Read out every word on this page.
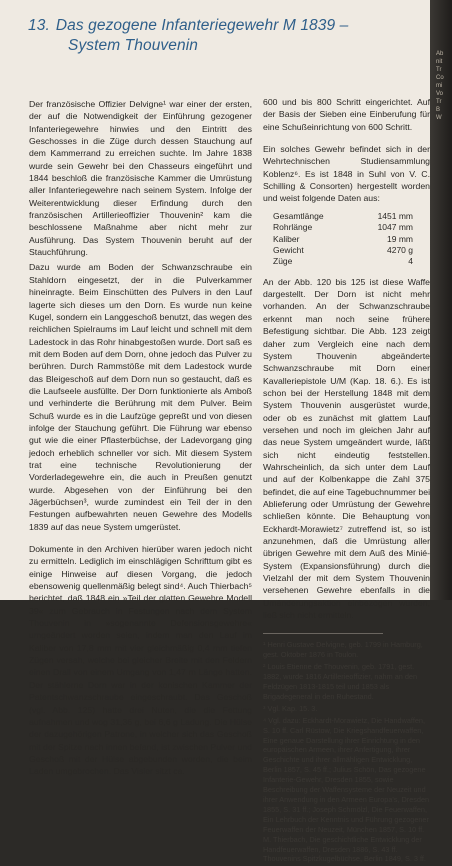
13. Das gezogene Infanteriegewehr M 1839 –
System Thouvenin

Der französische Offizier Delvigne¹ war einer der ersten, der auf die Notwendigkeit der Einführung gezogener Infanteriegewehre hinwies und den Eintritt des Geschosses in die Züge durch dessen Stauchung auf dem Kammerrand zu erreichen suchte. Im Jahre 1838 wurde sein Gewehr bei den Chasseurs eingeführt und 1844 beschloß die französische Kammer die Umrüstung aller Infanteriegewehre nach seinem System. Infolge der Weiterentwicklung dieser Erfindung durch den französischen Artillerieoffizier Thouvenin² kam die beschlossene Maßnahme aber nicht mehr zur Ausführung. Das System Thouvenin beruht auf der Stauchführung.

Dazu wurde am Boden der Schwanzschraube ein Stahldorn eingesetzt, der in die Pulverkammer hineinragte. Beim Einschütten des Pulvers in den Lauf lagerte sich dieses um den Dorn. Es wurde nun keine Kugel, sondern ein Langgeschoß benutzt, das wegen des reichlichen Spielraums im Lauf leicht und schnell mit dem Ladestock in das Rohr hinabgestoßen wurde. Dort saß es mit dem Boden auf dem Dorn, ohne jedoch das Pulver zu berühren. Durch Rammstöße mit dem Ladestock wurde das Bleigeschoß auf dem Dorn nun so gestaucht, daß es die Laufseele ausfüllte. Der Dorn funktionierte als Amboß und verhinderte die Berührung mit dem Pulver. Beim Schuß wurde es in die Laufzüge gepreßt und von diesen infolge der Stauchung geführt. Die Führung war ebenso gut wie die einer Pflasterbüchse, der Ladevorgang ging jedoch erheblich schneller vor sich. Mit diesem System trat eine technische Revolutionierung der Vorderladegewehre ein, die auch in Preußen genutzt wurde. Abgesehen von der Einführung bei den Jägerbüchsen³, wurde zumindest ein Teil der in den Festungen aufbewahrten neuen Gewehre des Modells 1839 auf das neue System umgerüstet.

Dokumente in den Archiven hierüber waren jedoch nicht zu ermitteln. Lediglich im einschlägigen Schrifttum gibt es einige Hinweise auf diesen Vorgang, die jedoch ebensowenig quellenmäßig belegt sind⁴. Auch Thierbach⁵ berichtet, daß 1848 ein »Teil der glatten Gewehre Modell 39« zum Gebrauch in Festungen nach dem System Thouvenin in »sogenannte Defensionsgewehre« umgeändert worden seien, indem man den Lauf im Kaliber von 17,8 mm mit vier gleichmäßig 0,4 mm tiefen Zügen versah, welche bei gleicher Breite mit den Feldern einen Drall von einem Umgang von 1,47 m Länge hatten. Der stählerne Dorn war in der konischen Kammer der Patentschwanzschraube eingeschraubt. Das Geschoß (vgl. Abb. 125) hatte drei Nuten, die die Fettung aufnahmen und wog 31,36 g, bei 6,6 g Ladung. Die Hülse der dazugehörigen Patrone, in welcher sich das Geschoß mit der Spitze nach innen befand, ist zwischen Pulver und Geschoß mit der Hülse abgebunden worden, die beim Laden umgebrochen. Das Visier sitzt ca.

600 und bis 800 Schritt eingerichtet. Auf der Basis der Sieben eine Einberufung für eine Schußeinrichtung von 600 Schritt.

Ein solches Gewehr befindet sich in der Wehrtechnischen Studiensammlung Koblenz⁶. Es ist 1848 in Suhl von V. C. Schilling & Consorten) hergestellt worden und weist folgende Daten aus:

Gesamtlänge	1451 mm
Rohrlänge	1047 mm
Kaliber	19 mm
Gewicht	4270 g
Züge	4

An der Abb. 120 bis 125 ist diese Waffe dargestellt. Der Dorn ist nicht mehr vorhanden. An der Schwanzschraube erkennt man noch seine frühere Befestigung sichtbar. Die Abb. 123 zeigt daher zum Vergleich eine nach dem System Thouvenin abgeänderte Schwanzschraube mit Dorn einer Kavalleriepistole U/M (Kap. 18. 6.). Es ist schon bei der Herstellung 1848 mit dem System Thouvenin ausgerüstet wurde, oder ob es zunächst mit glattem Lauf versehen und noch im gleichen Jahr auf das neue System umgeändert wurde, läßt sich nicht eindeutig feststellen. Wahrscheinlich, da sich unter dem Lauf und auf der Kolbenkappe die Zahl 375 befindet, die auf eine Tagebuchnummer bei Ablieferung oder Umrüstung der Gewehre schließen könnte. Die Behauptung von Eckhardt-Morawietz⁷ zutreffend ist, so ist anzunehmen, daß die Umrüstung aller übrigen Gewehre mit dem Auß des Minié-System (Expansionsführung) durch die Vielzahl der mit dem System Thouvenin versehenen Gewehre ebenfalls in die Umänderungsaktion einbezogen wurden, ließ sich nicht ermitteln.

¹ Henri Gustave Delvigne, geb. 1799 in Hamburg, gest. Oktober 1876 in Toulon.

² Louis Etienne de Thouvenin, geb. 1791, gest. 1882, wurde 1816 Artillerieoffizier, nahm an den Feldzügen 1813-1815 teil und 1853 als Brigadegeneral in den Ruhestand.

³ Vgl. Kap. 15. 3.

⁴ Vgl. dazu: Eckhardt-Morawietz, Die Handwaffen, S. 10 ff. Carl Rüstow, Die Kriegshandfeuerwaffen, Eine genaue Darstellung ihrer Einrichtung in den europäischen Armeen, ihrer Anfertigung, ihrer Geschichte und ihrer allmähligen Entwicklung, Berlin 1857, S. 45 ff.; Julius Schön, Das gezogene Infanterie-Gewehr, Dresden 1855, sowie Beschreibung der Waffensysteme der Neuzeit und ihrer Anwendung in den Armeen Europa's, Dresden 1855, S. 31 ff.; Joseph Schmölzl, Die Feuerwaffen, Ein Lehrbuch der Kenntnis und Führung gezogener Feuerwaffen der Neuzeit, München 1857, S. 10 ff. M. Thierbach, Die geschichtliche Entwicklung der Handfeuerwaffen, Dresden 1886, S. 43 ff. Thouvenins Spitzkugelbüchse, Berlin 1849, S. 3 ff.

Ab
nit
Tr
Co
mi
Vo
Tr
B
W
